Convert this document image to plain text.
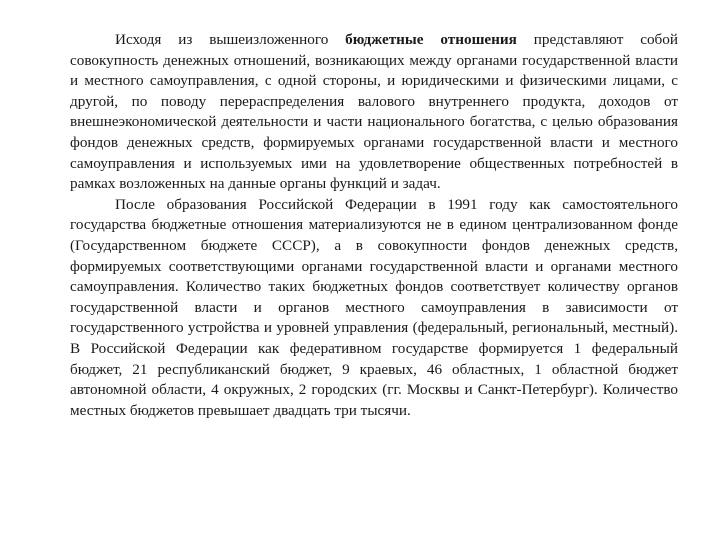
Исходя из вышеизложенного бюджетные отношения представляют собой совокупность денежных отношений, возникающих между органами государственной власти и местного самоуправления, с одной стороны, и юридическими и физическими лицами, с другой, по поводу перераспределения валового внутреннего продукта, доходов от внешнеэкономической деятельности и части национального богатства, с целью образования фондов денежных средств, формируемых органами государственной власти и местного самоуправления и используемых ими на удовлетворение общественных потребностей в рамках возложенных на данные органы функций и задач.

После образования Российской Федерации в 1991 году как самостоятельного государства бюджетные отношения материализуются не в едином централизованном фонде (Государственном бюджете СССР), а в совокупности фондов денежных средств, формируемых соответствующими органами государственной власти и органами местного самоуправления. Количество таких бюджетных фондов соответствует количеству органов государственной власти и органов местного самоуправления в зависимости от государственного устройства и уровней управления (федеральный, региональный, местный). В Российской Федерации как федеративном государстве формируется 1 федеральный бюджет, 21 республиканский бюджет, 9 краевых, 46 областных, 1 областной бюджет автономной области, 4 окружных, 2 городских (гг. Москвы и Санкт-Петербург). Количество местных бюджетов превышает двадцать три тысячи.
